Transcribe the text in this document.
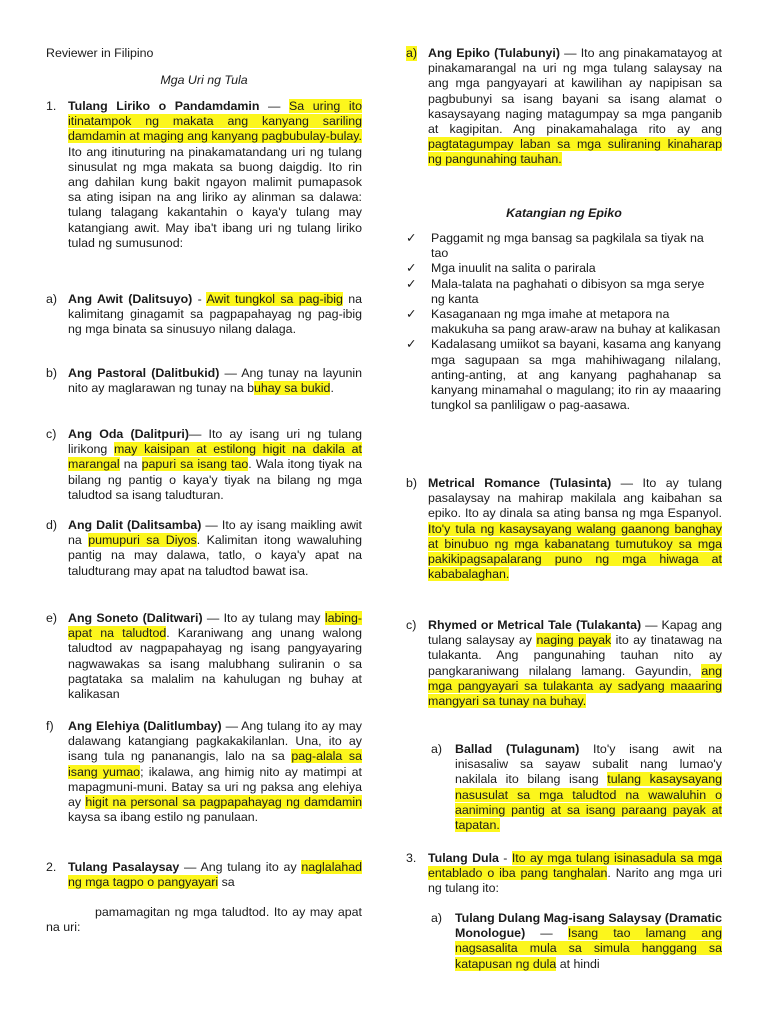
Reviewer in Filipino
Mga Uri ng Tula
1. Tulang Liriko o Pandamdamin — Sa uring ito itinatampok ng makata ang kanyang sariling damdamin at maging ang kanyang pagbubulay-bulay. Ito ang itinuturing na pinakamatandang uri ng tulang sinusulat ng mga makata sa buong daigdig. Ito rin ang dahilan kung bakit ngayon malimit pumapasok sa ating isipan na ang liriko ay alinman sa dalawa: tulang talagang kakantahin o kaya'y tulang may katangiang awit. May iba't ibang uri ng tulang liriko tulad ng sumusunod:
a) Ang Awit (Dalitsuyo) - Awit tungkol sa pag-ibig na kalimitang ginagamit sa pagpapahayag ng pag-ibig ng mga binata sa sinusuyo nilang dalaga.
b) Ang Pastoral (Dalitbukid) — Ang tunay na layunin nito ay maglarawan ng tunay na buhay sa bukid.
c) Ang Oda (Dalitpuri)— Ito ay isang uri ng tulang lirikong may kaisipan at estilong higit na dakila at marangal na papuri sa isang tao. Wala itong tiyak na bilang ng pantig o kaya'y tiyak na bilang ng mga taludtod sa isang taludturan.
d) Ang Dalit (Dalitsamba) — Ito ay isang maikling awit na pumupuri sa Diyos. Kalimitan itong wawaluhing pantig na may dalawa, tatlo, o kaya'y apat na taludturang may apat na taludtod bawat isa.
e) Ang Soneto (Dalitwari) — Ito ay tulang may labing-apat na taludtod. Karaniwang ang unang walong taludtod av nagpapahayag ng isang pangyayaring nagwawakas sa isang malubhang suliranin o sa pagtataka sa malalim na kahulugan ng buhay at kalikasan
f) Ang Elehiya (Dalitlumbay) — Ang tulang ito ay may dalawang katangiang pagkakakilanlan. Una, ito ay isang tula ng pananangis, lalo na sa pag-alala sa isang yumao; ikalawa, ang himig nito ay matimpi at mapagmuni-muni. Batay sa uri ng paksa ang elehiya ay higit na personal sa pagpapahayag ng damdamin kaysa sa ibang estilo ng panulaan.
2. Tulang Pasalaysay — Ang tulang ito ay naglalahad ng mga tagpo o pangyayari sa
pamamagitan ng mga taludtod. Ito ay may apat na uri:
a) Ang Epiko (Tulabunyi) — Ito ang pinakamatayog at pinakamarangal na uri ng mga tulang salaysay na ang mga pangyayari at kawilihan ay napipisan sa pagbubunyi sa isang bayani sa isang alamat o kasaysayang naging matagumpay sa mga panganib at kagipitan. Ang pinakamahalaga rito ay ang pagtatagumpay laban sa mga suliraning kinaharap ng pangunahing tauhan.
Katangian ng Epiko
✓ Paggamit ng mga bansag sa pagkilala sa tiyak na tao
✓ Mga inuulit na salita o parirala
✓ Mala-talata na paghahati o dibisyon sa mga serye ng kanta
✓ Kasaganaan ng mga imahe at metapora na makukuha sa pang araw-araw na buhay at kalikasan
✓ Kadalasang umiikot sa bayani, kasama ang kanyang mga sagupaan sa mga mahihiwagang nilalang, anting-anting, at ang kanyang paghahanap sa kanyang minamahal o magulang; ito rin ay maaaring tungkol sa panliligaw o pag-aasawa.
b) Metrical Romance (Tulasinta) — Ito ay tulang pasalaysay na mahirap makilala ang kaibahan sa epiko. Ito ay dinala sa ating bansa ng mga Espanyol. Ito'y tula ng kasaysayang walang gaanong banghay at binubuo ng mga kabanatang tumutukoy sa mga pakikipagsapalarang puno ng mga hiwaga at kababalaghan.
c) Rhymed or Metrical Tale (Tulakanta) — Kapag ang tulang salaysay ay naging payak ito ay tinatawag na tulakanta. Ang pangunahing tauhan nito ay pangkaraniwang nilalang lamang. Gayundin, ang mga pangyayari sa tulakanta ay sadyang maaaring mangyari sa tunay na buhay.
a) Ballad (Tulagunam) Ito'y isang awit na inisasaliw sa sayaw subalit nang lumao'y nakilala ito bilang isang tulang kasaysayang nasusulat sa mga taludtod na wawaluhin o aaniming pantig at sa isang paraang payak at tapatan.
3. Tulang Dula - Ito ay mga tulang isinasadula sa mga entablado o iba pang tanghalan. Narito ang mga uri ng tulang ito:
a) Tulang Dulang Mag-isang Salaysay (Dramatic Monologue) — Isang tao lamang ang nagsasalita mula sa simula hanggang sa katapusan ng dula at hindi
